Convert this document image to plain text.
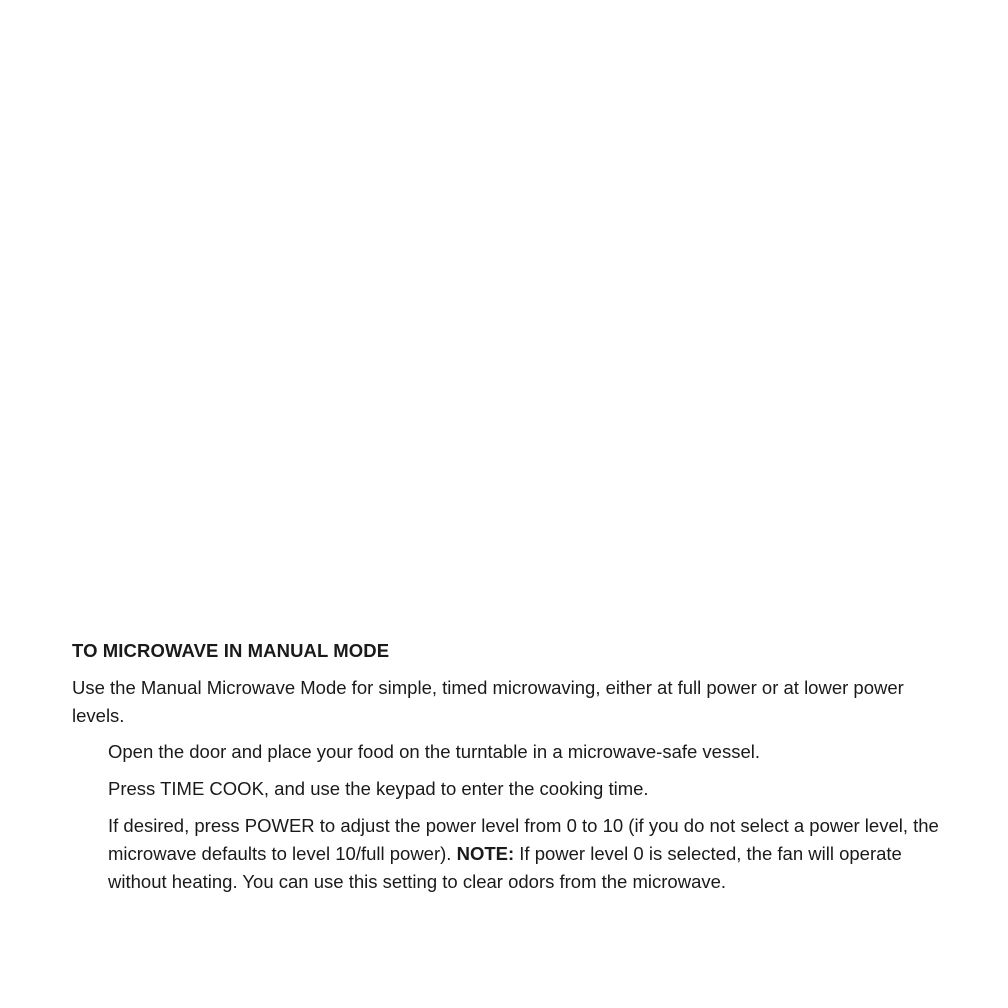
TO MICROWAVE IN MANUAL MODE
Use the Manual Microwave Mode for simple, timed microwaving, either at full power or at lower power levels.
Open the door and place your food on the turntable in a microwave-safe vessel.
Press TIME COOK, and use the keypad to enter the cooking time.
If desired, press POWER to adjust the power level from 0 to 10 (if you do not select a power level, the microwave defaults to level 10/full power). NOTE: If power level 0 is selected, the fan will operate without heating. You can use this setting to clear odors from the microwave.
